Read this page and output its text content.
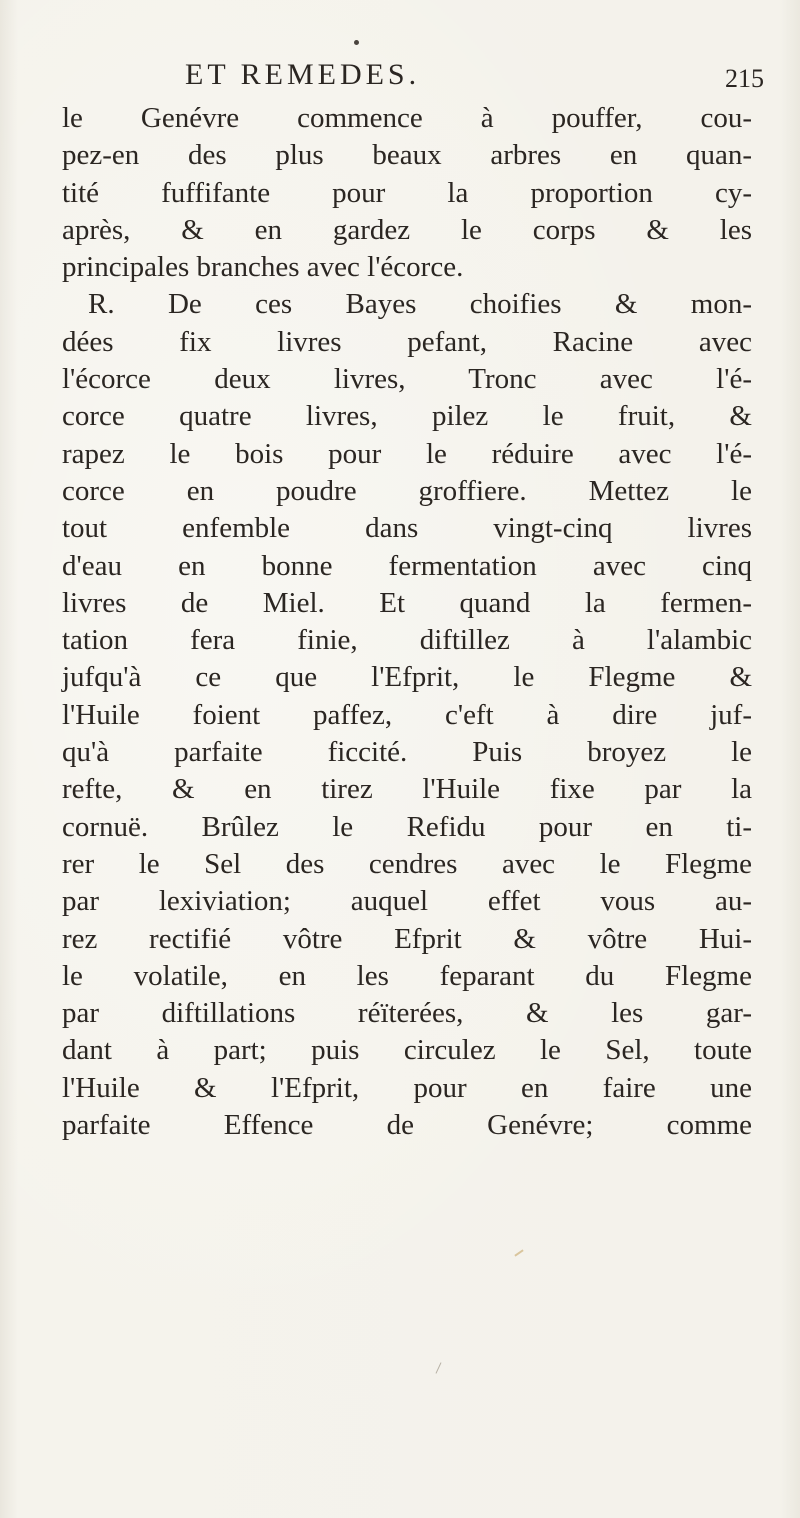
ET REMEDES.	215
le Genévre commence à pouffer, cou-
pez-en des plus beaux arbres en quan-
tité fuffifante pour la proportion cy-
après, & en gardez le corps & les
principales branches avec l'écorce.
R. De ces Bayes choifies & mon-
dées fix livres pefant, Racine avec
l'écorce deux livres, Tronc avec l'é-
corce quatre livres, pilez le fruit, &
rapez le bois pour le réduire avec l'é-
corce en poudre groffiere. Mettez le
tout enfemble dans vingt-cinq livres
d'eau en bonne fermentation avec cinq
livres de Miel. Et quand la fermen-
tation fera finie, diftillez à l'alambic
jufqu'à ce que l'Efprit, le Flegme &
l'Huile foient paffez, c'eft à dire juf-
qu'à parfaite ficcité. Puis broyez le
refte, & en tirez l'Huile fixe par la
cornuë. Brûlez le Refidu pour en ti-
rer le Sel des cendres avec le Flegme
par lexiviation; auquel effet vous au-
rez rectifié vôtre Efprit & vôtre Hui-
le volatile, en les feparant du Flegme
par diftillations réïterées, & les gar-
dant à part; puis circulez le Sel, toute
l'Huile & l'Efprit, pour en faire une
parfaite Effence de Genévre; comme
